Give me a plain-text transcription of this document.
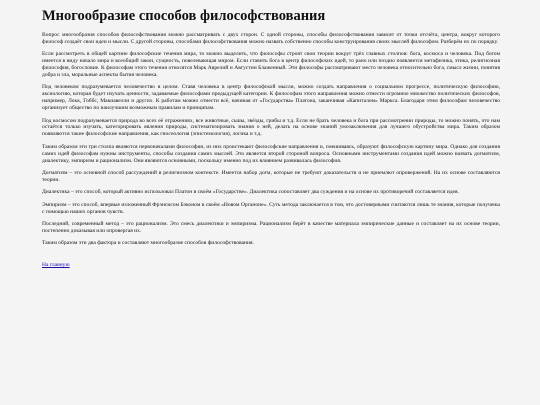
Многообразие способов философствования

Вопрос многообразия способов философствования можно рассматривать с двух сторон. С одной стороны, способы философствования зависят от точки отсчёта, центра, вокруг которого философ создаёт свои идеи и мысли. С другой стороны, способами философствования можно назвать собственно способы конструирования своих мыслей философом. Разберём их по порядку.

Если рассмотреть в общей картине философские течения мира, то можно выделить, что философы строят свои теории вокруг трёх главных столпов: бога, космоса и человека. Под богом имеется в виду начало мира и всеобщий закон, сущность, повелевающая миром. Если ставить бога в центр философских идей, то рано или поздно появляется метафизика, этика, религиозная философия, богословие. К философам этого течения относятся Марк Аврелий и Августин Блаженный. Эти философы рассматривают место человека относительно бога, смысл жизни, понятия добра и зла, моральные аспекты бытия человека.

Под человеком подразумевается человечество в целом. Ставя человека в центр философской мысли, можно создать направления о социальном прогрессе, политическую философию, аксиологию, которая будет изучать ценности, задаваемые философами предыдущей категории. К философам этого направления можно отнести огромное множество политических философов, например, Локк, Гоббс, Макиавелли и других. К работам можно отнести всё, начиная от «Государства» Платона, заканчивая «Капиталом» Маркса. Благодаря этим философам человечество организует общество по наилучшим возможным правилам и принципам.

Под космосом подразумевается природа во всех её отражениях, все животные, сьшы, звёзды, грибы и т.д. Если не брать человека и бога при рассмотрении природы, то можно понять, что нам остаётся только изучать, категорировать явления природы, систематизировать знания о ней, делать на основе знаний умозаключения для лучшего обустройства мира. Таким образом появляются такие философские направления, как гносеология (эпистемология), логика и т.д.

Таким образом эти три столпа являются первоначалами философии, из них проистекают философские направления и, смешиваясь, образуют философскую картину мира. Однако для создания самих идей философам нужны инструменты, способы создания самих мыслей. Это является второй стороной вопроса. Основными инструментами создания идей можно назвать догматизм, диалектику, эмпиризм и рационализм. Они являются основными, поскольку именно под их влиянием развивалась философия.

Догматизм – это основной способ рассуждений в религиозном контексте. Имеется набор догм, которые не требуют доказательств и не приемлют опровержений. На их основе составляются теории.

Диалектика – это способ, который активно использовал Платон в своём «Государстве». Диалектика сопоставляет два суждения и на основе их противоречий составляется идея.

Эмпиризм – это способ, впервые изложенный Фрэнсисом Бэконом в своём «Новом Органоне». Суть метода заключается в том, что достоверными считаются лишь те знания, которые получены с помощью наших органов чувств.

Последний, современный метод – это рационализм. Это смесь диалектики и эмпиризма. Рационализм берёт в качестве материала эмпирические данные и составляет на их основе теории, постепенно доказывая или опровергая их.

Таким образом эти два фактора и составляют многообразие способов философствования.

На главную
